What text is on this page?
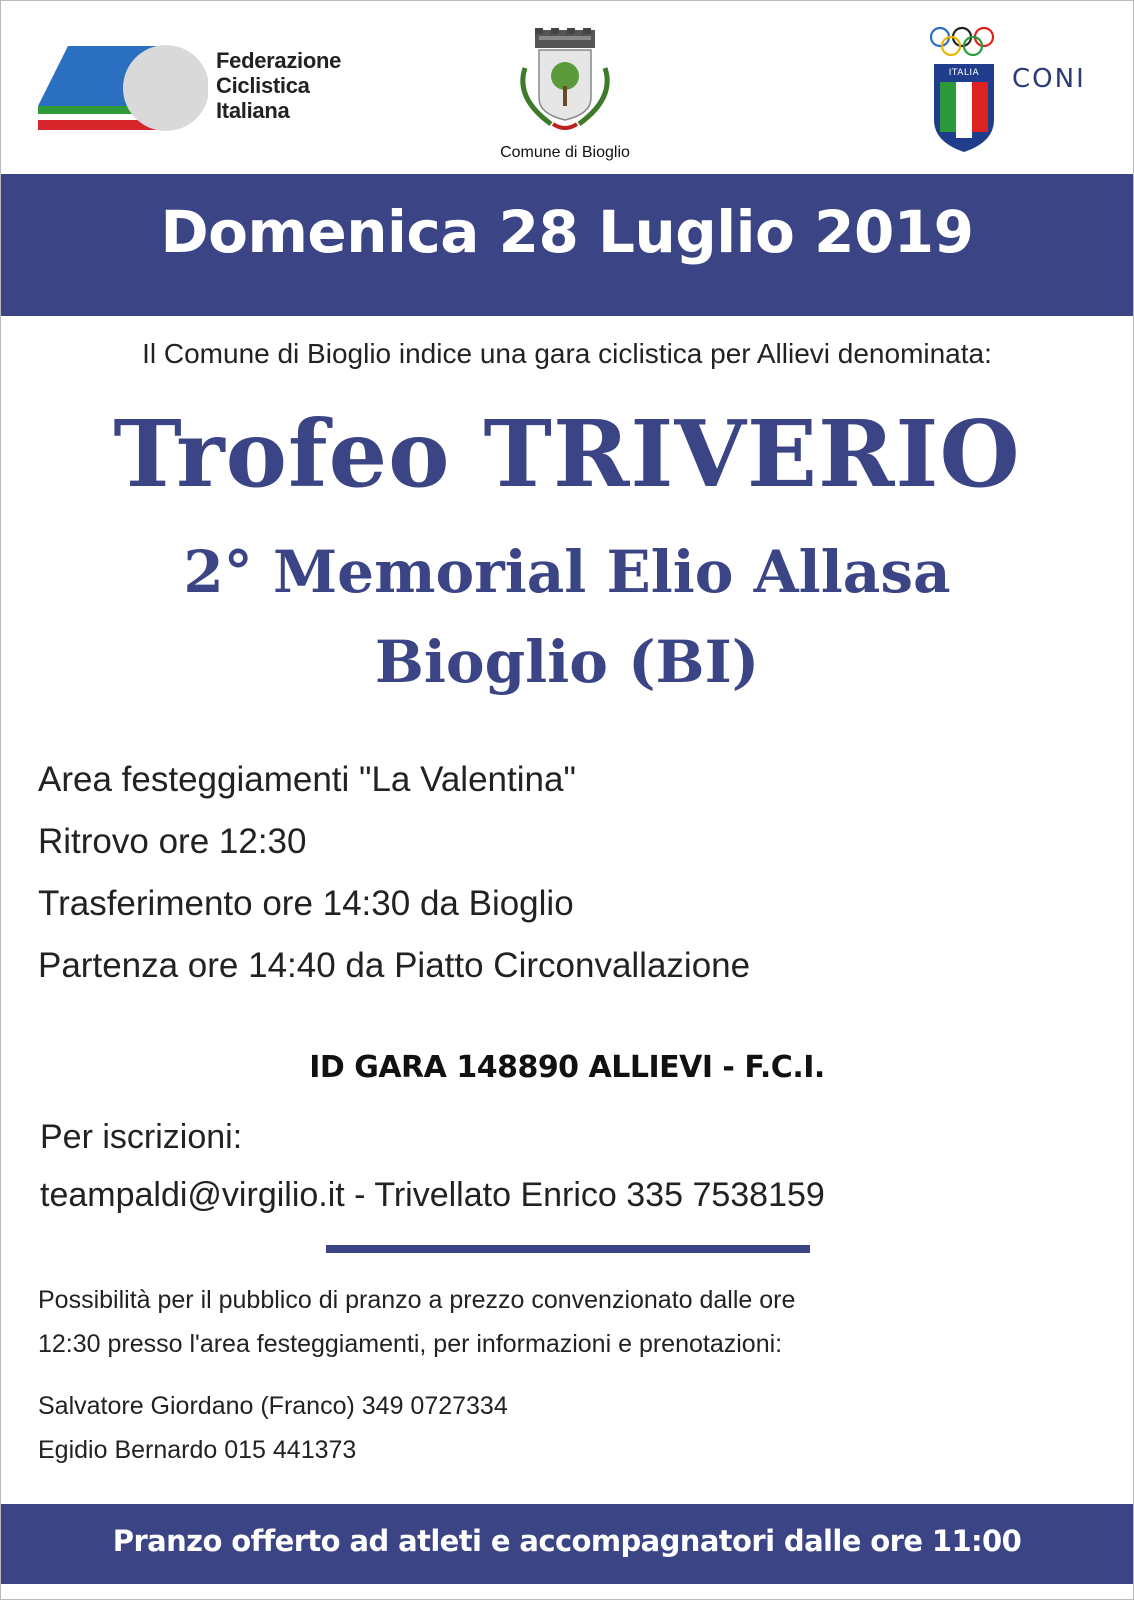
Federazione
Ciclistica
Italiana
Comune di Bioglio
ITALIA	CONI
Domenica 28 Luglio 2019
Il Comune di Bioglio indice una gara ciclistica per Allievi denominata:
Trofeo TRIVERIO
2° Memorial Elio Allasa
Bioglio (BI)
Area festeggiamenti "La Valentina"
Ritrovo ore 12:30
Trasferimento ore 14:30 da Bioglio
Partenza ore 14:40 da Piatto Circonvallazione
ID GARA 148890 ALLIEVI - F.C.I.
Per iscrizioni:
teampaldi@virgilio.it - Trivellato Enrico 335 7538159
Possibilità per il pubblico di pranzo a prezzo convenzionato dalle ore
12:30 presso l'area festeggiamenti, per informazioni e prenotazioni:
Salvatore Giordano (Franco) 349 0727334
Egidio Bernardo 015 441373
Pranzo offerto ad atleti e accompagnatori dalle ore 11:00
